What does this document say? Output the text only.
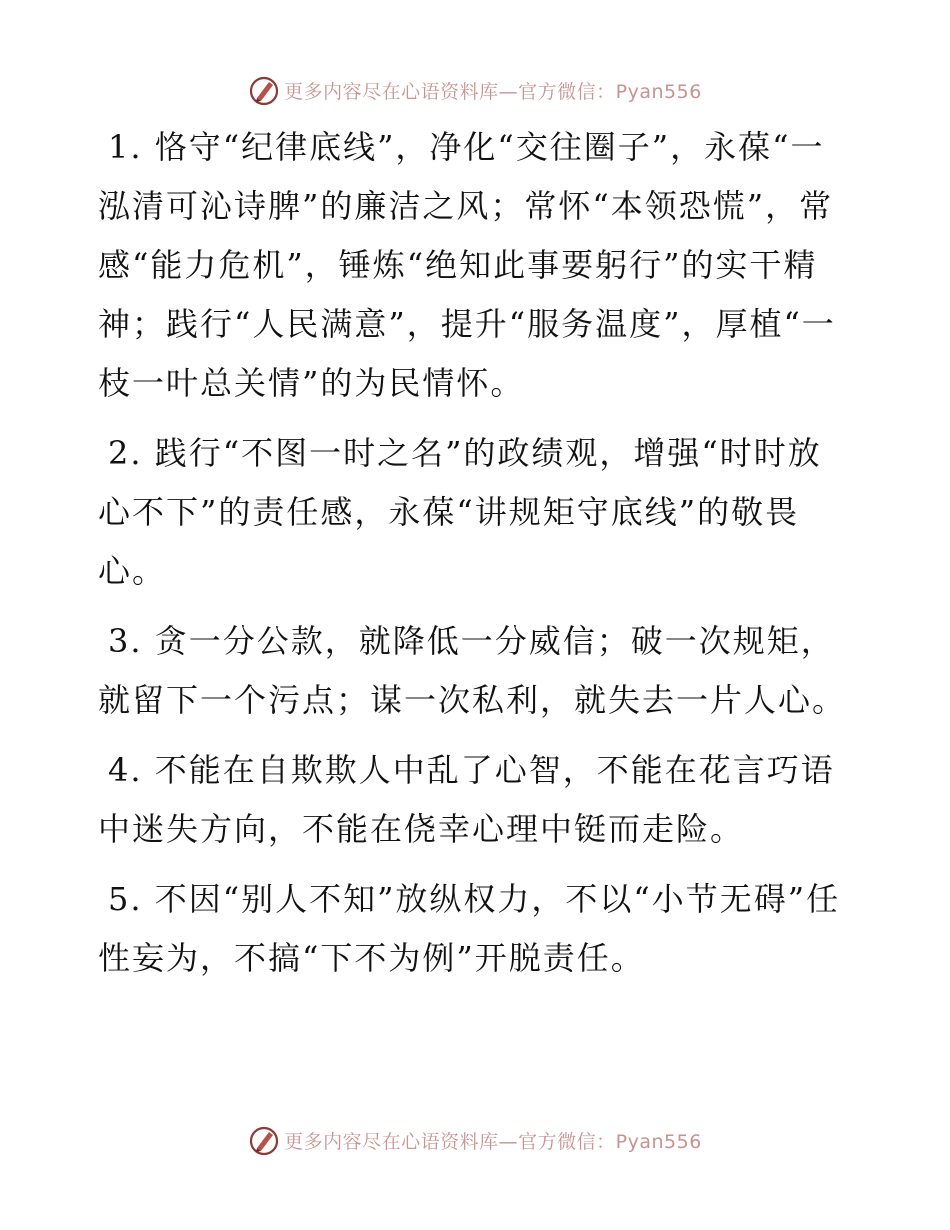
更多内容尽在心语资料库—官方微信：Pyan556

1. 恪守“纪律底线”，净化“交往圈子”，永葆“一泓清可沁诗脾”的廉洁之风；常怀“本领恐慌”，常感“能力危机”，锤炼“绝知此事要躬行”的实干精神；践行“人民满意”，提升“服务温度”，厚植“一枝一叶总关情”的为民情怀。

2. 践行“不图一时之名”的政绩观，增强“时时放心不下”的责任感，永葆“讲规矩守底线”的敬畏心。

3. 贪一分公款，就降低一分威信；破一次规矩，就留下一个污点；谋一次私利，就失去一片人心。

4. 不能在自欺欺人中乱了心智，不能在花言巧语中迷失方向，不能在侥幸心理中铤而走险。

5. 不因“别人不知”放纵权力，不以“小节无碍”任性妄为，不搞“下不为例”开脱责任。

更多内容尽在心语资料库—官方微信：Pyan556
